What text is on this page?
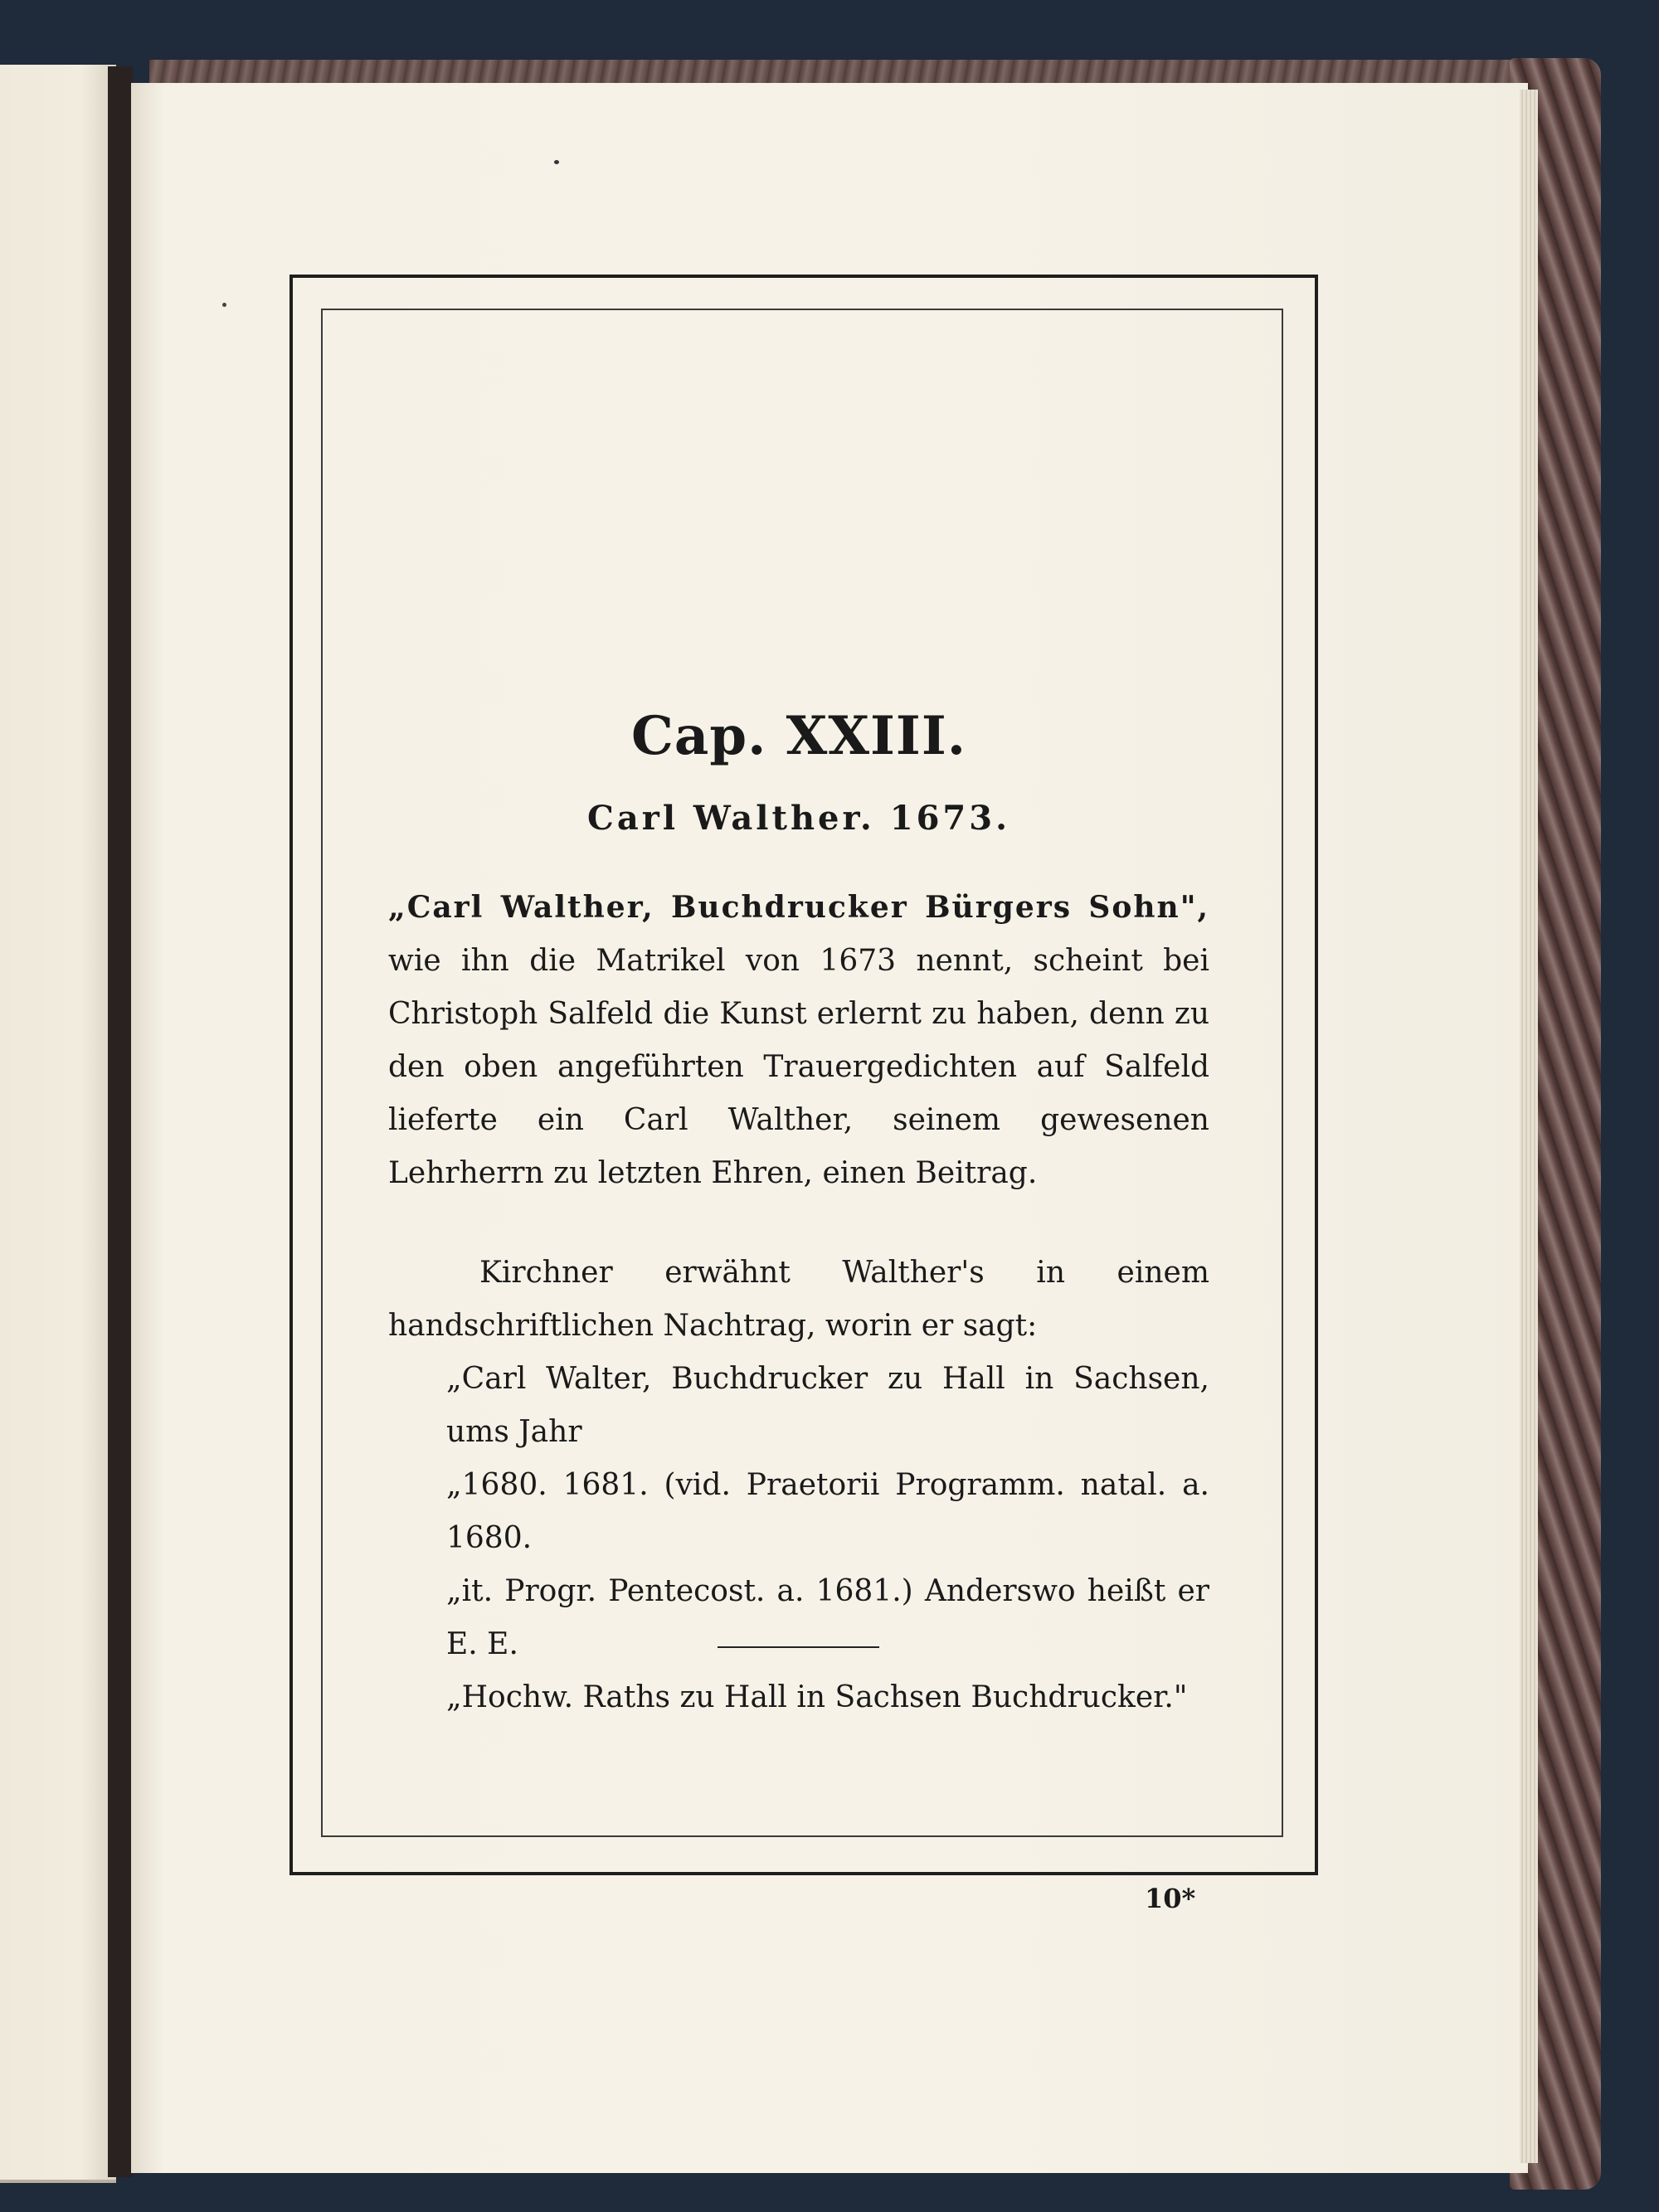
Cap. XXIII.
Carl Walther. 1673.

„Carl Walther, Buchdrucker Bürgers Sohn", wie ihn die Matrikel von 1673 nennt, scheint bei Christoph Salfeld die Kunst erlernt zu haben, denn zu den oben angeführten Trauergedichten auf Salfeld lieferte ein Carl Walther, seinem gewesenen Lehrherrn zu letzten Ehren, einen Beitrag.

Kirchner erwähnt Walther's in einem handschriftlichen Nachtrag, worin er sagt:

„Carl Walter, Buchdrucker zu Hall in Sachsen, ums Jahr
„1680. 1681. (vid. Praetorii Programm. natal. a. 1680.
„it. Progr. Pentecost. a. 1681.) Anderswo heißt er E. E.
„Hochw. Raths zu Hall in Sachsen Buchdrucker."
10*
